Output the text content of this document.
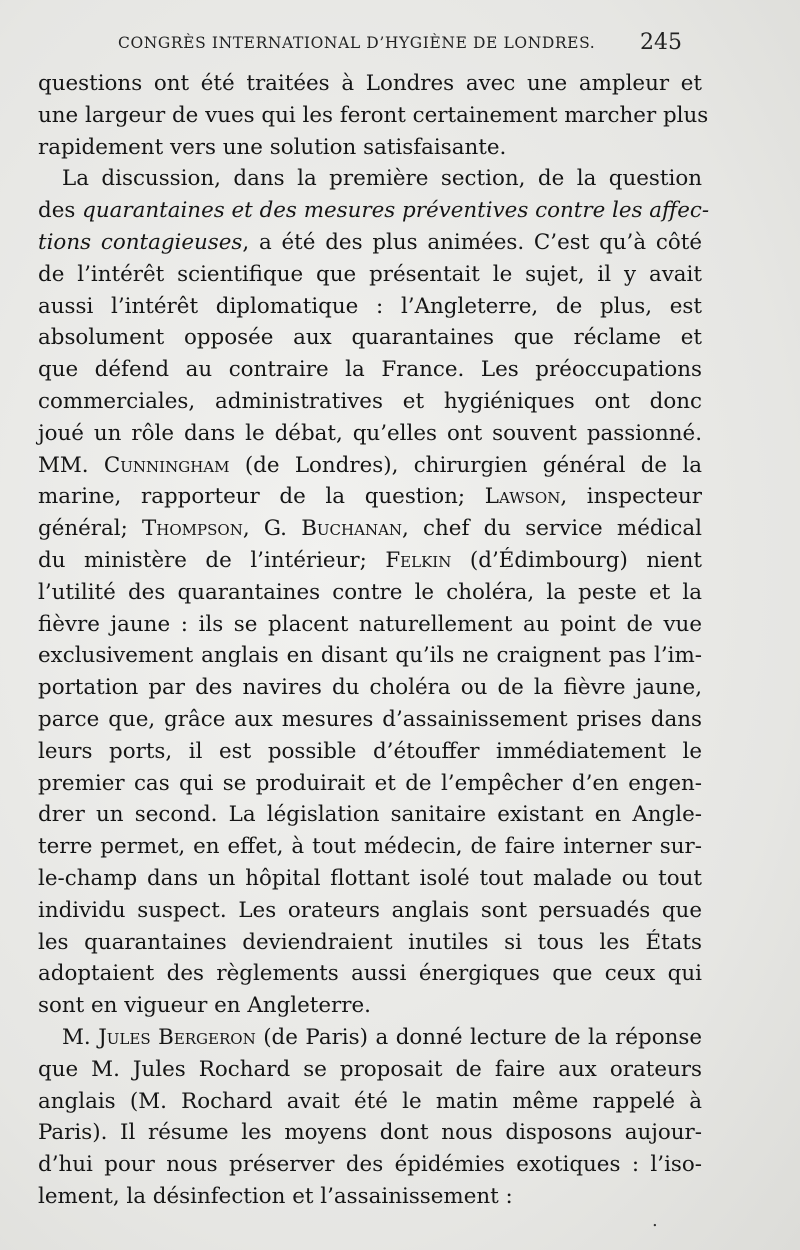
CONGRÈS INTERNATIONAL D’HYGIÈNE DE LONDRES. 245
questions ont été traitées à Londres avec une ampleur et
une largeur de vues qui les feront certainement marcher plus
rapidement vers une solution satisfaisante.
La discussion, dans la première section, de la question
des quarantaines et des mesures préventives contre les affec-
tions contagieuses, a été des plus animées. C’est qu’à côté
de l’intérêt scientifique que présentait le sujet, il y avait
aussi l’intérêt diplomatique : l’Angleterre, de plus, est
absolument opposée aux quarantaines que réclame et
que défend au contraire la France. Les préoccupations
commerciales, administratives et hygiéniques ont donc
joué un rôle dans le débat, qu’elles ont souvent passionné.
MM. Cunningham (de Londres), chirurgien général de la
marine, rapporteur de la question; Lawson, inspecteur
général; Thompson, G. Buchanan, chef du service médical
du ministère de l’intérieur; Felkin (d’Édimbourg) nient
l’utilité des quarantaines contre le choléra, la peste et la
fièvre jaune : ils se placent naturellement au point de vue
exclusivement anglais en disant qu’ils ne craignent pas l’im-
portation par des navires du choléra ou de la fièvre jaune,
parce que, grâce aux mesures d’assainissement prises dans
leurs ports, il est possible d’étouffer immédiatement le
premier cas qui se produirait et de l’empêcher d’en engen-
drer un second. La législation sanitaire existant en Angle-
terre permet, en effet, à tout médecin, de faire interner sur-
le-champ dans un hôpital flottant isolé tout malade ou tout
individu suspect. Les orateurs anglais sont persuadés que
les quarantaines deviendraient inutiles si tous les États
adoptaient des règlements aussi énergiques que ceux qui
sont en vigueur en Angleterre.
M. Jules Bergeron (de Paris) a donné lecture de la réponse
que M. Jules Rochard se proposait de faire aux orateurs
anglais (M. Rochard avait été le matin même rappelé à
Paris). Il résume les moyens dont nous disposons aujour-
d’hui pour nous préserver des épidémies exotiques : l’iso-
lement, la désinfection et l’assainissement :
.
